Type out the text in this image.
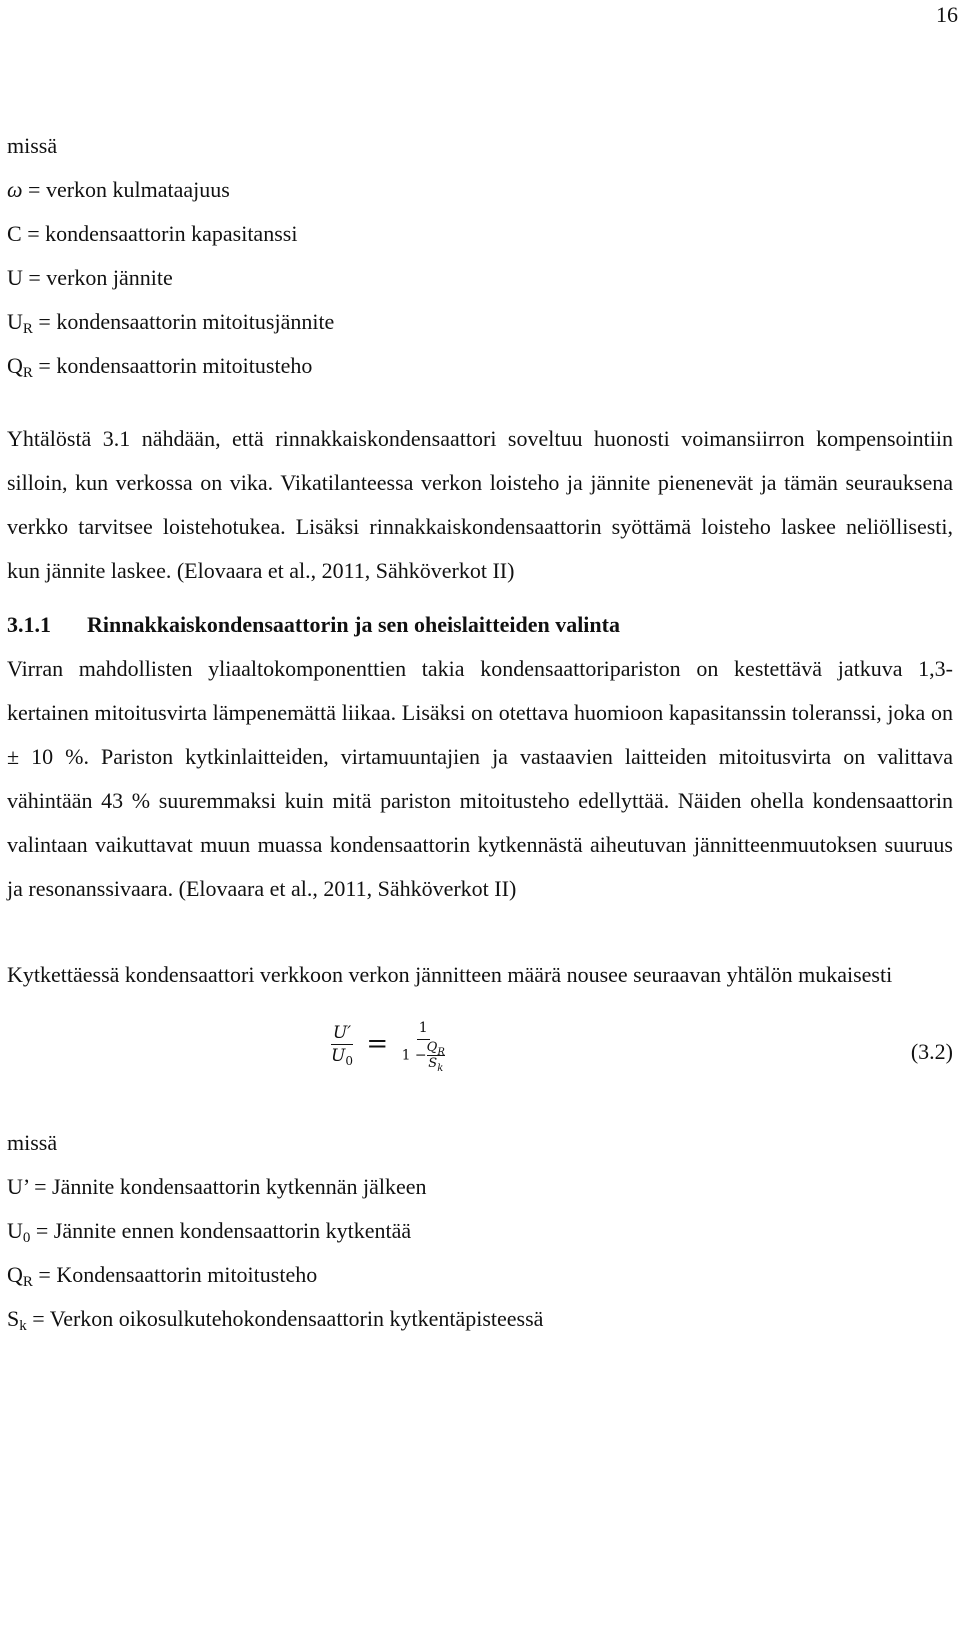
16
missä
ω = verkon kulmataajuus
C = kondensaattorin kapasitanssi
U = verkon jännite
$U_R$ = kondensaattorin mitoitusjännite
$Q_R$ = kondensaattorin mitoitusteho

Yhtälöstä 3.1 nähdään, että rinnakkaiskondensaattori soveltuu huonosti voimansiirron kompensointiin silloin, kun verkossa on vika. Vikatilanteessa verkon loisteho ja jännite pienenevät ja tämän seurauksena verkko tarvitsee loistehotukea. Lisäksi rinnakkaiskondensaattorin syöttämä loisteho laskee neliöllisesti, kun jännite laskee. (Elovaara et al., 2011, Sähköverkot II)

3.1.1 Rinnakkaiskondensaattorin ja sen oheislaitteiden valinta

Virran mahdollisten yliaaltokomponenttien takia kondensaattoripariston on kestettävä jatkuva 1,3-kertainen mitoitusvirta lämpenemättä liikaa. Lisäksi on otettava huomioon kapasitanssin toleranssi, joka on ± 10 %. Pariston kytkinlaitteiden, virtamuuntajien ja vastaavien laitteiden mitoitusvirta on valittava vähintään 43 % suuremmaksi kuin mitä pariston mitoitusteho edellyttää. Näiden ohella kondensaattorin valintaan vaikuttavat muun muassa kondensaattorin kytkennästä aiheutuvan jännitteenmuutoksen suuruus ja resonanssivaara. (Elovaara et al., 2011, Sähköverkot II)

Kytkettäessä kondensaattori verkkoon verkon jännitteen määrä nousee seuraavan yhtälön mukaisesti

$\frac{U'}{U_0} = \frac{1}{1 - \frac{Q_R}{S_k}}$	(3.2)
missä
U’ = Jännite kondensaattorin kytkennän jälkeen
$U_0$ = Jännite ennen kondensaattorin kytkentää
$Q_R$ = Kondensaattorin mitoitusteho
$S_k$ = Verkon oikosulkutehokondensaattorin kytkentäpisteessä
